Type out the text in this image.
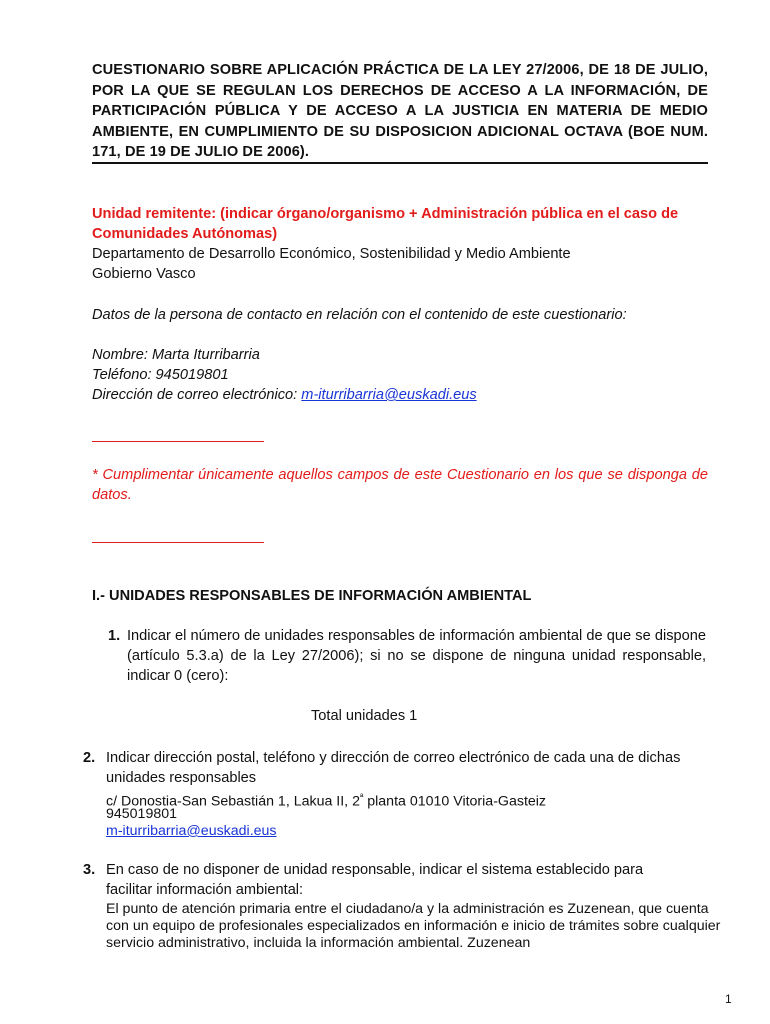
CUESTIONARIO SOBRE APLICACIÓN PRÁCTICA DE LA LEY 27/2006, DE 18 DE JULIO, POR LA QUE SE REGULAN LOS DERECHOS DE ACCESO A LA INFORMACIÓN, DE PARTICIPACIÓN PÚBLICA Y DE ACCESO A LA JUSTICIA EN MATERIA DE MEDIO AMBIENTE, EN CUMPLIMIENTO DE SU DISPOSICION ADICIONAL OCTAVA (BOE NUM. 171, DE 19 DE JULIO DE 2006).
Unidad remitente: (indicar órgano/organismo + Administración pública en el caso de Comunidades Autónomas)
Departamento de Desarrollo Económico, Sostenibilidad y Medio Ambiente
Gobierno Vasco
Datos de la persona de contacto en relación con el contenido de este cuestionario:
Nombre: Marta Iturribarria
Teléfono: 945019801
Dirección de correo electrónico: m-iturribarria@euskadi.eus
* Cumplimentar únicamente aquellos campos de este Cuestionario en los que se disponga de datos.
I.- UNIDADES RESPONSABLES DE INFORMACIÓN AMBIENTAL
1. Indicar el número de unidades responsables de información ambiental de que se dispone (artículo 5.3.a) de la Ley 27/2006); si no se dispone de ninguna unidad responsable, indicar 0 (cero):
Total unidades 1
2. Indicar dirección postal, teléfono y dirección de correo electrónico de cada una de dichas unidades responsables
c/ Donostia-San Sebastián 1, Lakua II, $2^ª$ planta 01010 Vitoria-Gasteiz
945019801
m-iturribarria@euskadi.eus
3. En caso de no disponer de unidad responsable, indicar el sistema establecido para facilitar información ambiental:
El punto de atención primaria entre el ciudadano/a y la administración es Zuzenean, que cuenta con un equipo de profesionales especializados en información e inicio de trámites sobre cualquier servicio administrativo, incluida la información ambiental. Zuzenean
1
